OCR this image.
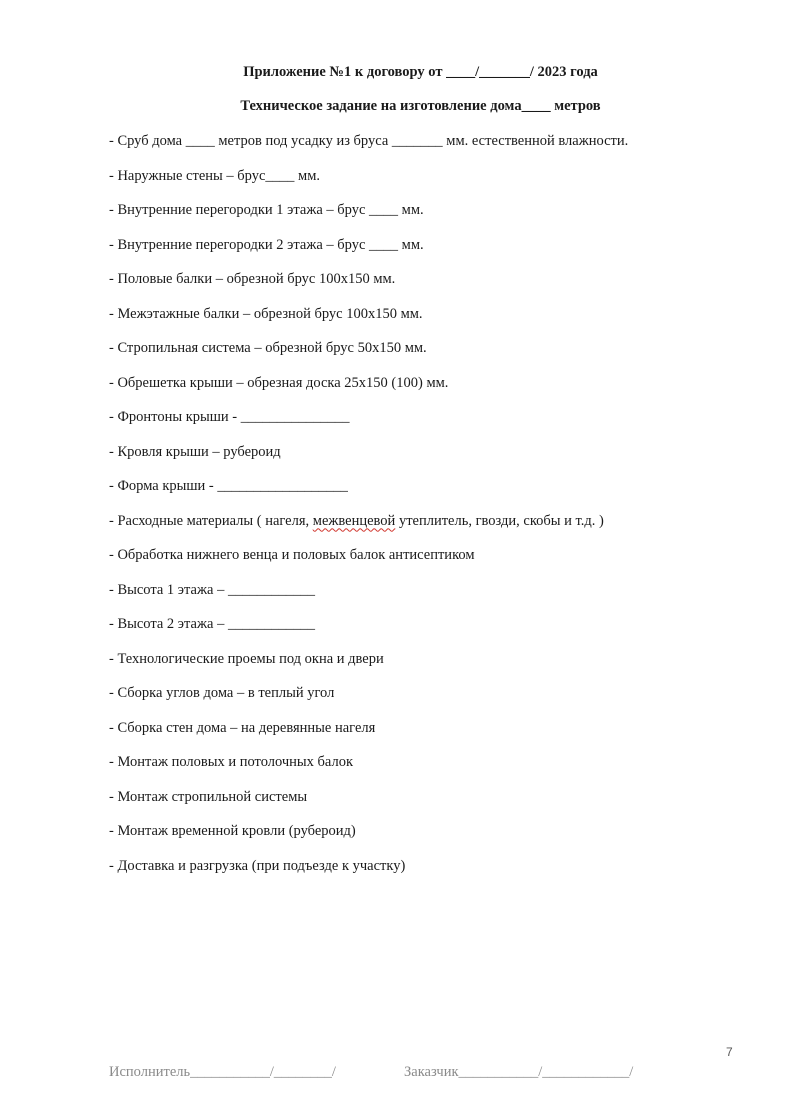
Приложение №1 к договору от ____/_______/ 2023 года

Техническое задание на изготовление дома____ метров

- Сруб дома ____ метров под усадку из бруса _______ мм. естественной влажности.
- Наружные стены – брус____ мм.
- Внутренние перегородки 1 этажа – брус ____ мм.
- Внутренние перегородки 2 этажа – брус ____ мм.
- Половые балки – обрезной брус 100х150 мм.
- Межэтажные балки – обрезной брус 100х150 мм.
- Стропильная система – обрезной брус 50х150 мм.
- Обрешетка крыши – обрезная доска 25х150 (100) мм.
- Фронтоны крыши - _______________
- Кровля крыши – рубероид
- Форма крыши - __________________
- Расходные материалы ( нагеля, межвенцевой утеплитель, гвозди, скобы и т.д. )
- Обработка нижнего венца и половых балок антисептиком
- Высота 1 этажа – ____________
- Высота 2 этажа – ____________
- Технологические проемы под окна и двери
- Сборка углов дома – в теплый угол
- Сборка стен дома – на деревянные нагеля
- Монтаж половых и потолочных балок
- Монтаж стропильной системы
- Монтаж временной кровли (рубероид)
- Доставка и разгрузка (при подъезде к участку)
7
Исполнитель___________/________/	Заказчик___________/____________/
